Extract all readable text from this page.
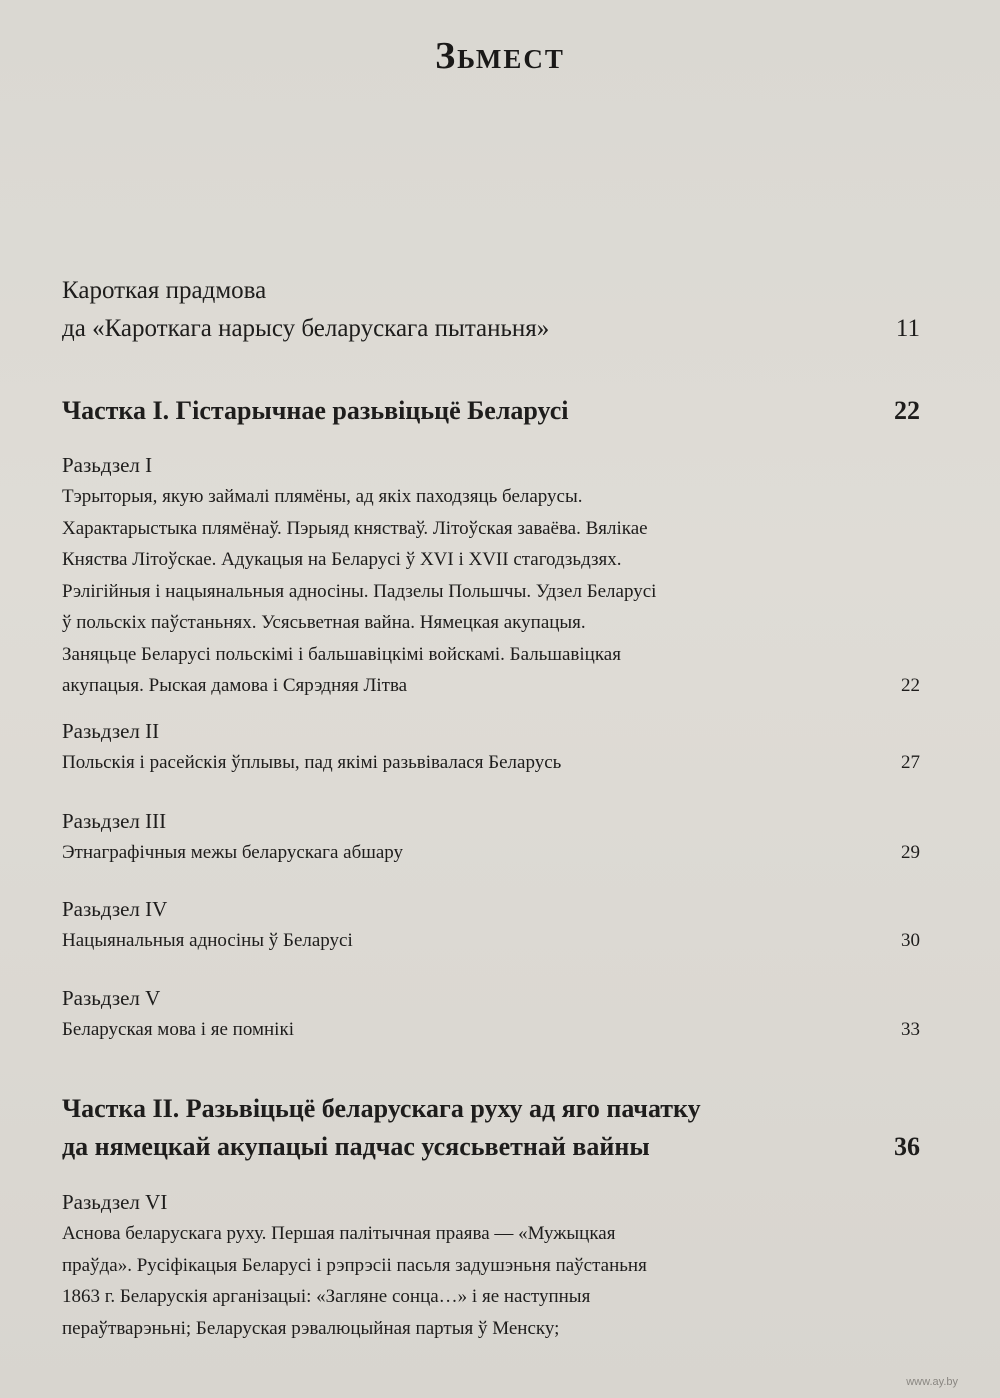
Зьмест
Кароткая прадмова
да «Кароткага нарысу беларускага пытаньня»	11
Частка І. Гістарычнае разьвіцьцё Беларусі	22
Разьдзел I
Тэрыторыя, якую займалі плямёны, ад якіх паходзяць беларусы.
Характарыстыка плямёнаў. Пэрыяд княстваў. Літоўская заваёва. Вялікае
Княства Літоўскае. Адукацыя на Беларусі ў XVI і XVII стагодзьдзях.
Рэлігійныя і нацыянальныя адносіны. Падзелы Польшчы. Удзел Беларусі
ў польскіх паўстаньнях. Усясьветная вайна. Нямецкая акупацыя.
Заняцьце Беларусі польскімі і бальшавіцкімі войскамі. Бальшавіцкая
акупацыя. Рыская дамова і Сярэдняя Літва	22
Разьдзел II
Польскія і расейскія ўплывы, пад якімі разьвівалася Беларусь	27
Разьдзел III
Этнаграфічныя межы беларускага абшару	29
Разьдзел IV
Нацыянальныя адносіны ў Беларусі	30
Разьдзел V
Беларуская мова і яе помнікі	33
Частка ІІ. Разьвіцьцё беларускага руху ад яго пачатку
да нямецкай акупацыі падчас усясьветнай вайны	36
Разьдзел VI
Аснова беларускага руху. Першая палітычная праява — «Мужыцкая
праўда». Русіфікацыя Беларусі і рэпрэсіі пасьля задушэньня паўстаньня
1863 г. Беларускія арганізацыі: «Загляне сонца…» і яе наступныя
пераўтварэньні; Беларуская рэвалюцыйная партыя ў Менску;
www.ay.by
